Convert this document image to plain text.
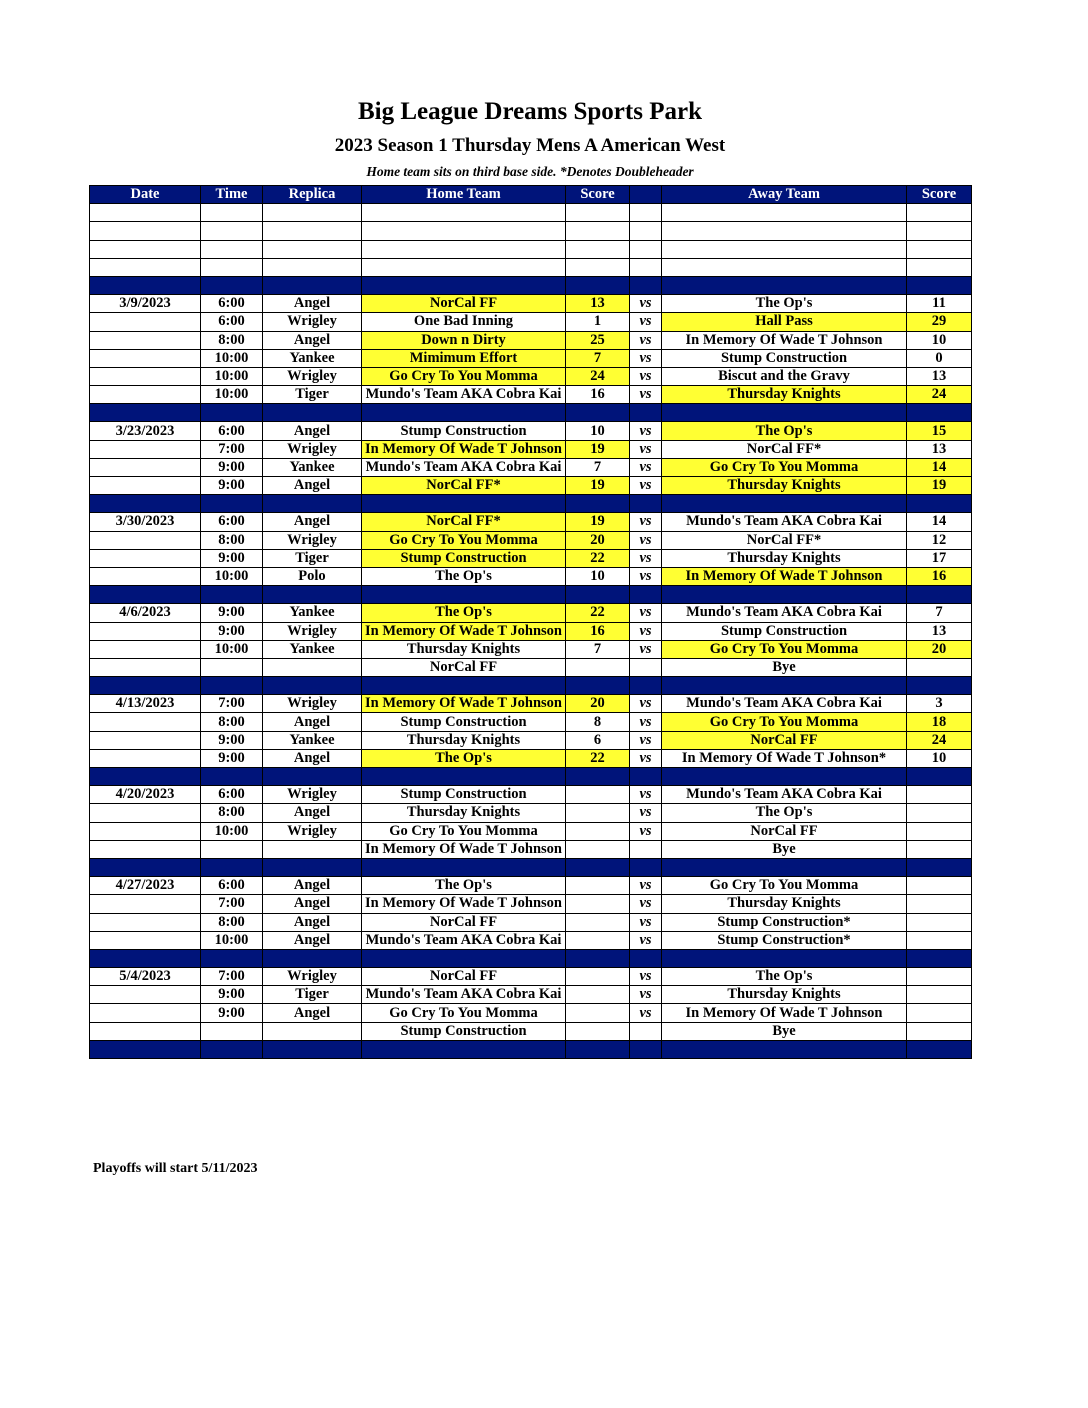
Big League Dreams Sports Park
2023 Season 1 Thursday Mens A American West
Home team sits on third base side. *Denotes Doubleheader
Date	Time	Replica	Home Team	Score		Away Team	Score

3/9/2023	6:00	Angel	NorCal FF	13	vs	The Op's	11
	6:00	Wrigley	One Bad Inning	1	vs	Hall Pass	29
	8:00	Angel	Down n Dirty	25	vs	In Memory Of Wade T Johnson	10
	10:00	Yankee	Mimimum Effort	7	vs	Stump Construction	0
	10:00	Wrigley	Go Cry To You Momma	24	vs	Biscut and the Gravy	13
	10:00	Tiger	Mundo's Team AKA Cobra Kai	16	vs	Thursday Knights	24

3/23/2023	6:00	Angel	Stump Construction	10	vs	The Op's	15
	7:00	Wrigley	In Memory Of Wade T Johnson	19	vs	NorCal FF*	13
	9:00	Yankee	Mundo's Team AKA Cobra Kai	7	vs	Go Cry To You Momma	14
	9:00	Angel	NorCal FF*	19	vs	Thursday Knights	19

3/30/2023	6:00	Angel	NorCal FF*	19	vs	Mundo's Team AKA Cobra Kai	14
	8:00	Wrigley	Go Cry To You Momma	20	vs	NorCal FF*	12
	9:00	Tiger	Stump Construction	22	vs	Thursday Knights	17
	10:00	Polo	The Op's	10	vs	In Memory Of Wade T Johnson	16

4/6/2023	9:00	Yankee	The Op's	22	vs	Mundo's Team AKA Cobra Kai	7
	9:00	Wrigley	In Memory Of Wade T Johnson	16	vs	Stump Construction	13
	10:00	Yankee	Thursday Knights	7	vs	Go Cry To You Momma	20
			NorCal FF			Bye	

4/13/2023	7:00	Wrigley	In Memory Of Wade T Johnson	20	vs	Mundo's Team AKA Cobra Kai	3
	8:00	Angel	Stump Construction	8	vs	Go Cry To You Momma	18
	9:00	Yankee	Thursday Knights	6	vs	NorCal FF	24
	9:00	Angel	The Op's	22	vs	In Memory Of Wade T Johnson*	10

4/20/2023	6:00	Wrigley	Stump Construction		vs	Mundo's Team AKA Cobra Kai	
	8:00	Angel	Thursday Knights		vs	The Op's	
	10:00	Wrigley	Go Cry To You Momma		vs	NorCal FF	
			In Memory Of Wade T Johnson			Bye	

4/27/2023	6:00	Angel	The Op's		vs	Go Cry To You Momma	
	7:00	Angel	In Memory Of Wade T Johnson		vs	Thursday Knights	
	8:00	Angel	NorCal FF		vs	Stump Construction*	
	10:00	Angel	Mundo's Team AKA Cobra Kai		vs	Stump Construction*	

5/4/2023	7:00	Wrigley	NorCal FF		vs	The Op's	
	9:00	Tiger	Mundo's Team AKA Cobra Kai		vs	Thursday Knights	
	9:00	Angel	Go Cry To You Momma		vs	In Memory Of Wade T Johnson	
			Stump Construction			Bye	

Playoffs will start 5/11/2023
